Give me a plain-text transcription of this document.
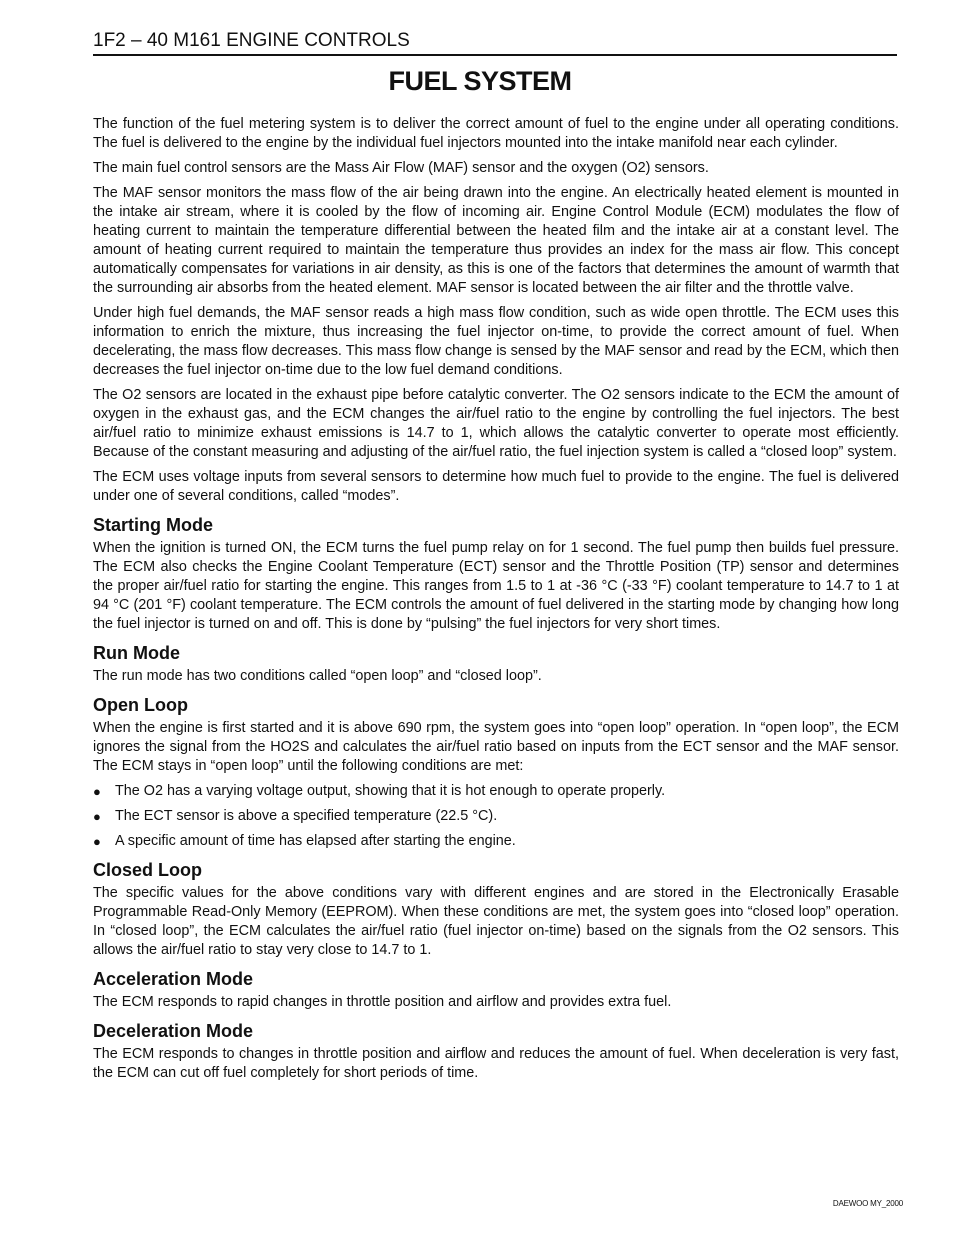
1F2 – 40 M161 ENGINE CONTROLS
FUEL SYSTEM

The function of the fuel metering system is to deliver the correct amount of fuel to the engine under all operating conditions. The fuel is delivered to the engine by the individual fuel injectors mounted into the intake manifold near each cylinder.

The main fuel control sensors are the Mass Air Flow (MAF) sensor and the oxygen (O2) sensors.

The MAF sensor monitors the mass flow of the air being drawn into the engine. An electrically heated element is mounted in the intake air stream, where it is cooled by the flow of incoming air. Engine Control Module (ECM) modulates the flow of heating current to maintain the temperature differential between the heated film and the intake air at a constant level. The amount of heating current required to maintain the temperature thus provides an index for the mass air flow. This concept automatically compensates for variations in air density, as this is one of the factors that determines the amount of warmth that the surrounding air absorbs from the heated element. MAF sensor is located between the air filter and the throttle valve.

Under high fuel demands, the MAF sensor reads a high mass flow condition, such as wide open throttle. The ECM uses this information to enrich the mixture, thus increasing the fuel injector on‑time, to provide the correct amount of fuel. When decelerating, the mass flow decreases. This mass flow change is sensed by the MAF sensor and read by the ECM, which then decreases the fuel injector on‑time due to the low fuel demand conditions.

The O2 sensors are located in the exhaust pipe before catalytic converter. The O2 sensors indicate to the ECM the amount of oxygen in the exhaust gas, and the ECM changes the air/fuel ratio to the engine by controlling the fuel injectors. The best air/fuel ratio to minimize exhaust emissions is 14.7 to 1, which allows the catalytic converter to operate most efficiently. Because of the constant measuring and adjusting of the air/fuel ratio, the fuel injection system is called a “closed loop” system.

The ECM uses voltage inputs from several sensors to determine how much fuel to provide to the engine. The fuel is delivered under one of several conditions, called “modes”.

Starting Mode

When the ignition is turned ON, the ECM turns the fuel pump relay on for 1 second. The fuel pump then builds fuel pressure. The ECM also checks the Engine Coolant Temperature (ECT) sensor and the Throttle Position (TP) sensor and determines the proper air/fuel ratio for starting the engine. This ranges from 1.5 to 1 at ‑36 °C (‑33 °F) coolant temperature to 14.7 to 1 at 94 °C (201 °F) coolant temperature. The ECM controls the amount of fuel delivered in the starting mode by changing how long the fuel injector is turned on and off. This is done by “pulsing” the fuel injectors for very short times.

Run Mode

The run mode has two conditions called “open loop” and “closed loop”.

Open Loop

When the engine is first started and it is above 690 rpm, the system goes into “open loop” operation. In “open loop”, the ECM ignores the signal from the HO2S and calculates the air/fuel ratio based on inputs from the ECT sensor and the MAF sensor. The ECM stays in “open loop” until the following conditions are met:

● The O2 has a varying voltage output, showing that it is hot enough to operate properly.
● The ECT sensor is above a specified temperature (22.5 °C).
● A specific amount of time has elapsed after starting the engine.
Closed Loop

The specific values for the above conditions vary with different engines and are stored in the Electronically Erasable Programmable Read‑Only Memory (EEPROM). When these conditions are met, the system goes into “closed loop” operation. In “closed loop”, the ECM calculates the air/fuel ratio (fuel injector on‑time) based on the signals from the O2 sensors. This allows the air/fuel ratio to stay very close to 14.7 to 1.

Acceleration Mode

The ECM responds to rapid changes in throttle position and airflow and provides extra fuel.

Deceleration Mode

The ECM responds to changes in throttle position and airflow and reduces the amount of fuel. When deceleration is very fast, the ECM can cut off fuel completely for short periods of time.

DAEWOO MY_2000
